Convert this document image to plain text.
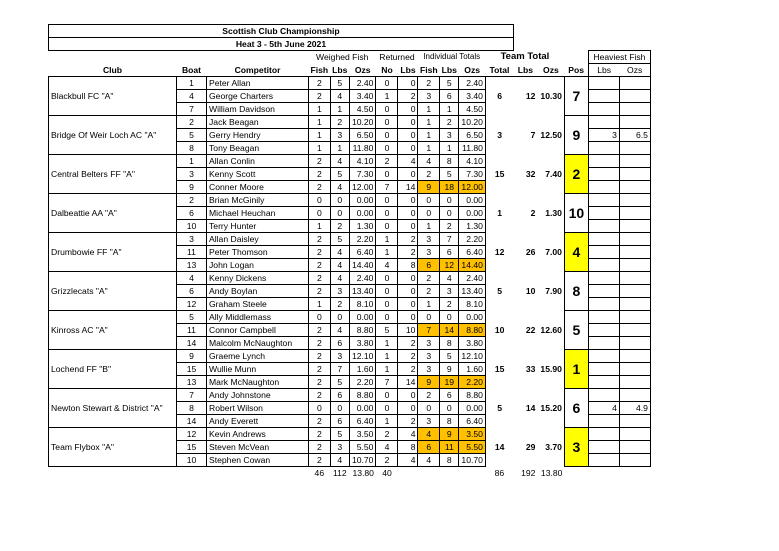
Scottish Club Championship																
Heat 3 - 5th June 2021																
			Weighed Fish			Returned		Individual Totals			Team Total				Heaviest Fish	
Club	Boat	Competitor	Fish	Lbs	Ozs	No	Lbs	Fish	Lbs	Ozs	Total	Lbs	Ozs	Pos	Lbs	Ozs
Blackbull FC "A"	1	Peter Allan	2	5	2.40	0	0	2	5	2.40	6	12	10.30	7		
	4	George Charters	2	4	3.40	1	2	3	6	3.40						
	7	William Davidson	1	1	4.50	0	0	1	1	4.50						
Bridge Of Weir Loch AC "A"	2	Jack Beagan	1	2	10.20	0	0	1	2	10.20	3	7	12.50	9		
	5	Gerry Hendry	1	3	6.50	0	0	1	3	6.50					3	6.5
	8	Tony Beagan	1	1	11.80	0	0	1	1	11.80						
Central Belters FF "A"	1	Allan Conlin	2	4	4.10	2	4	4	8	4.10	15	32	7.40	2		
	3	Kenny Scott	2	5	7.30	0	0	2	5	7.30						
	9	Conner Moore	2	4	12.00	7	14	9	18	12.00						
Dalbeattie AA "A"	2	Brian McGinily	0	0	0.00	0	0	0	0	0.00	1	2	1.30	10		
	6	Michael Heuchan	0	0	0.00	0	0	0	0	0.00						
	10	Terry Hunter	1	2	1.30	0	0	1	2	1.30						
Drumbowie FF "A"	3	Allan Daisley	2	5	2.20	1	2	3	7	2.20	12	26	7.00	4		
	11	Peter Thomson	2	4	6.40	1	2	3	6	6.40						
	13	John Logan	2	4	14.40	4	8	6	12	14.40						
Grizzlecats "A"	4	Kenny Dickens	2	4	2.40	0	0	2	4	2.40	5	10	7.90	8		
	6	Andy Boylan	2	3	13.40	0	0	2	3	13.40						
	12	Graham Steele	1	2	8.10	0	0	1	2	8.10						
Kinross AC "A"	5	Ally Middlemass	0	0	0.00	0	0	0	0	0.00	10	22	12.60	5		
	11	Connor Campbell	2	4	8.80	5	10	7	14	8.80						
	14	Malcolm McNaughton	2	6	3.80	1	2	3	8	3.80						
Lochend FF "B"	9	Graeme Lynch	2	3	12.10	1	2	3	5	12.10	15	33	15.90	1		
	15	Wullie Munn	2	7	1.60	1	2	3	9	1.60						
	13	Mark McNaughton	2	5	2.20	7	14	9	19	2.20						
Newton Stewart & District "A"	7	Andy Johnstone	2	6	8.80	0	0	2	6	8.80	5	14	15.20	6		
	8	Robert Wilson	0	0	0.00	0	0	0	0	0.00					4	4.9
	14	Andy Everett	2	6	6.40	1	2	3	8	6.40						
Team Flybox "A"	12	Kevin Andrews	2	5	3.50	2	4	4	9	3.50	14	29	3.70	3		
	15	Steven McVean	2	3	5.50	4	8	6	11	5.50						
	10	Stephen Cowan	2	4	10.70	2	4	4	8	10.70						
			46	112	13.80	40					86	192	13.80			
